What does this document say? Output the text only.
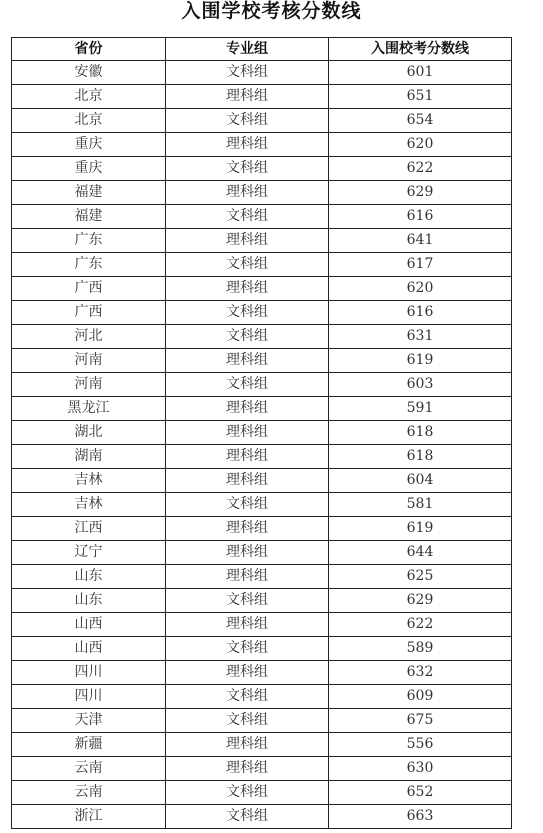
入围学校考核分数线
省份	专业组	入围校考分数线
安徽	文科组	601
北京	理科组	651
北京	文科组	654
重庆	理科组	620
重庆	文科组	622
福建	理科组	629
福建	文科组	616
广东	理科组	641
广东	文科组	617
广西	理科组	620
广西	文科组	616
河北	文科组	631
河南	理科组	619
河南	文科组	603
黑龙江	理科组	591
湖北	理科组	618
湖南	理科组	618
吉林	理科组	604
吉林	文科组	581
江西	理科组	619
辽宁	理科组	644
山东	理科组	625
山东	文科组	629
山西	理科组	622
山西	文科组	589
四川	理科组	632
四川	文科组	609
天津	文科组	675
新疆	理科组	556
云南	理科组	630
云南	文科组	652
浙江	文科组	663
